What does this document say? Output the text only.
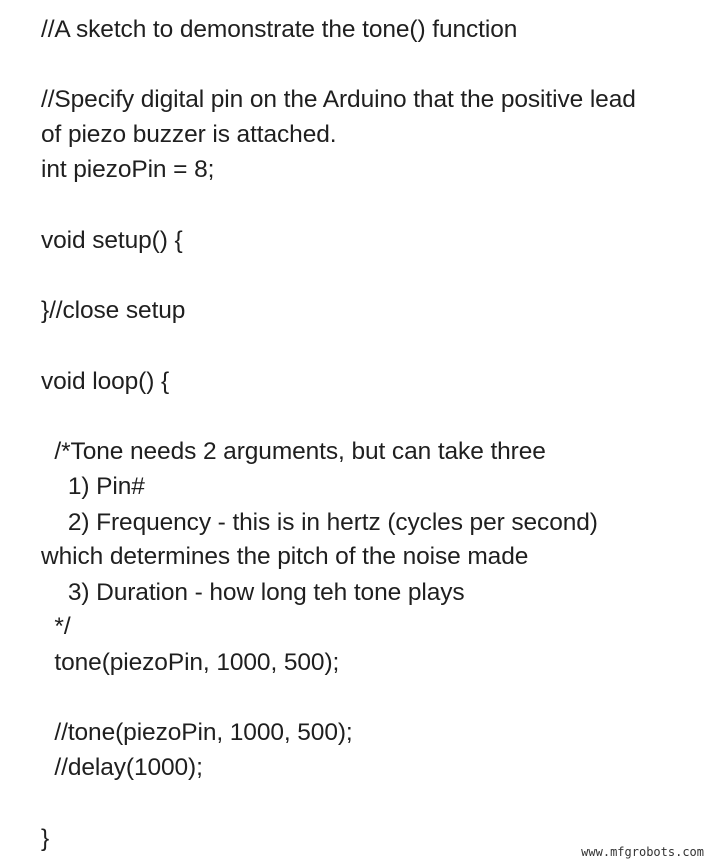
//A sketch to demonstrate the tone() function
//Specify digital pin on the Arduino that the positive lead
of piezo buzzer is attached.
int piezoPin = 8;
void setup() {
}//close setup
void loop() {
/*Tone needs 2 arguments, but can take three
1) Pin#
2) Frequency - this is in hertz (cycles per second)
which determines the pitch of the noise made
3) Duration - how long teh tone plays
*/
tone(piezoPin, 1000, 500);
//tone(piezoPin, 1000, 500);
//delay(1000);
}	www.mfgrobots.com
